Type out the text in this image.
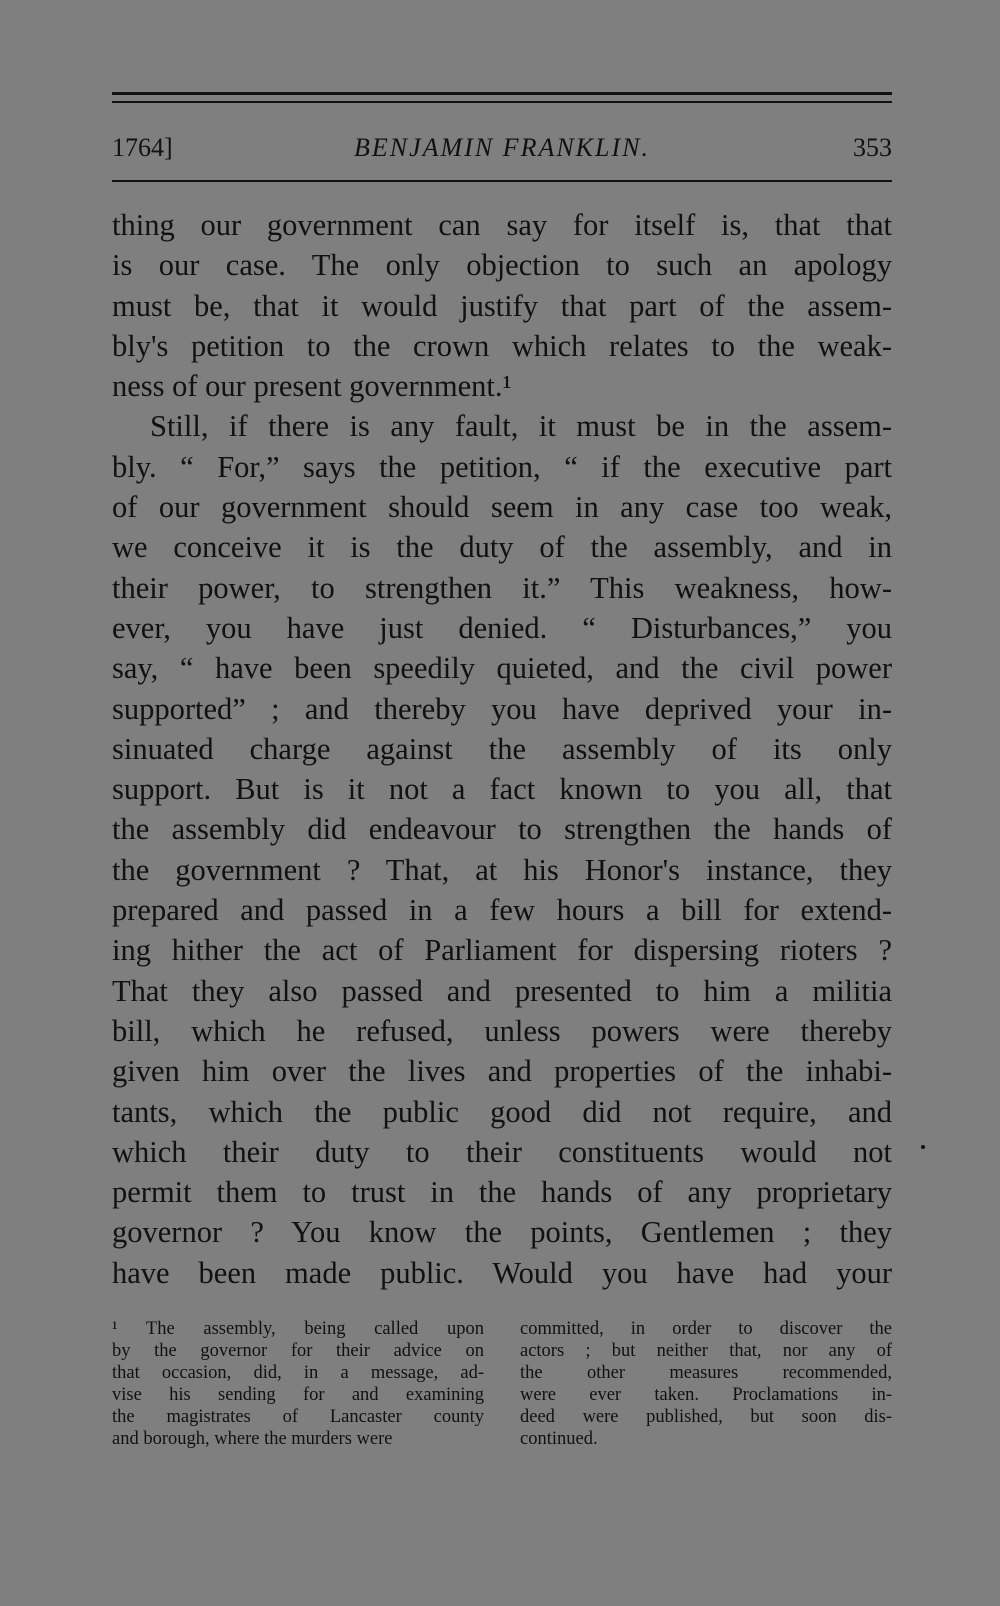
1764]	BENJAMIN FRANKLIN.	353

thing our government can say for itself is, that that
is our case. The only objection to such an apology
must be, that it would justify that part of the assem-
bly's petition to the crown which relates to the weak-
ness of our present government.¹

Still, if there is any fault, it must be in the assem-
bly. “ For,” says the petition, “ if the executive part
of our government should seem in any case too weak,
we conceive it is the duty of the assembly, and in
their power, to strengthen it.” This weakness, how-
ever, you have just denied. “ Disturbances,” you
say, “ have been speedily quieted, and the civil power
supported” ; and thereby you have deprived your in-
sinuated charge against the assembly of its only
support. But is it not a fact known to you all, that
the assembly did endeavour to strengthen the hands of
the government ? That, at his Honor's instance, they
prepared and passed in a few hours a bill for extend-
ing hither the act of Parliament for dispersing rioters ?
That they also passed and presented to him a militia
bill, which he refused, unless powers were thereby
given him over the lives and properties of the inhabi-
tants, which the public good did not require, and
which their duty to their constituents would not
permit them to trust in the hands of any proprietary
governor ? You know the points, Gentlemen ; they
have been made public. Would you have had your

¹ The assembly, being called upon
by the governor for their advice on
that occasion, did, in a message, ad-
vise his sending for and examining
the magistrates of Lancaster county
and borough, where the murders were
committed, in order to discover the
actors ; but neither that, nor any of
the other measures recommended,
were ever taken. Proclamations in-
deed were published, but soon dis-
continued.
